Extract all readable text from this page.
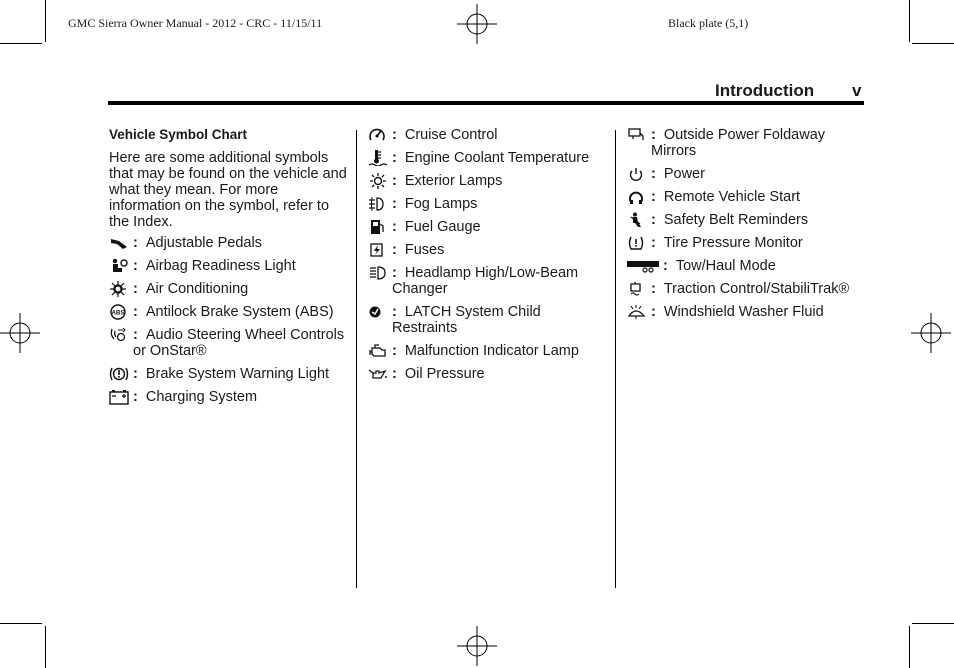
GMC Sierra Owner Manual - 2012 - CRC - 11/15/11	Black plate (5,1)
Introduction v
Vehicle Symbol Chart
Here are some additional symbols that may be found on the vehicle and what they mean. For more information on the symbol, refer to the Index.
: Adjustable Pedals
: Airbag Readiness Light
: Air Conditioning
ABS : Antilock Brake System (ABS)
: Audio Steering Wheel Controls or OnStar®
: Brake System Warning Light
: Charging System
: Cruise Control
: Engine Coolant Temperature
: Exterior Lamps
: Fog Lamps
: Fuel Gauge
: Fuses
: Headlamp High/Low-Beam Changer
: LATCH System Child Restraints
: Malfunction Indicator Lamp
: Oil Pressure
: Outside Power Foldaway Mirrors
: Power
: Remote Vehicle Start
: Safety Belt Reminders
: Tire Pressure Monitor
: Tow/Haul Mode
: Traction Control/StabiliTrak®
: Windshield Washer Fluid
